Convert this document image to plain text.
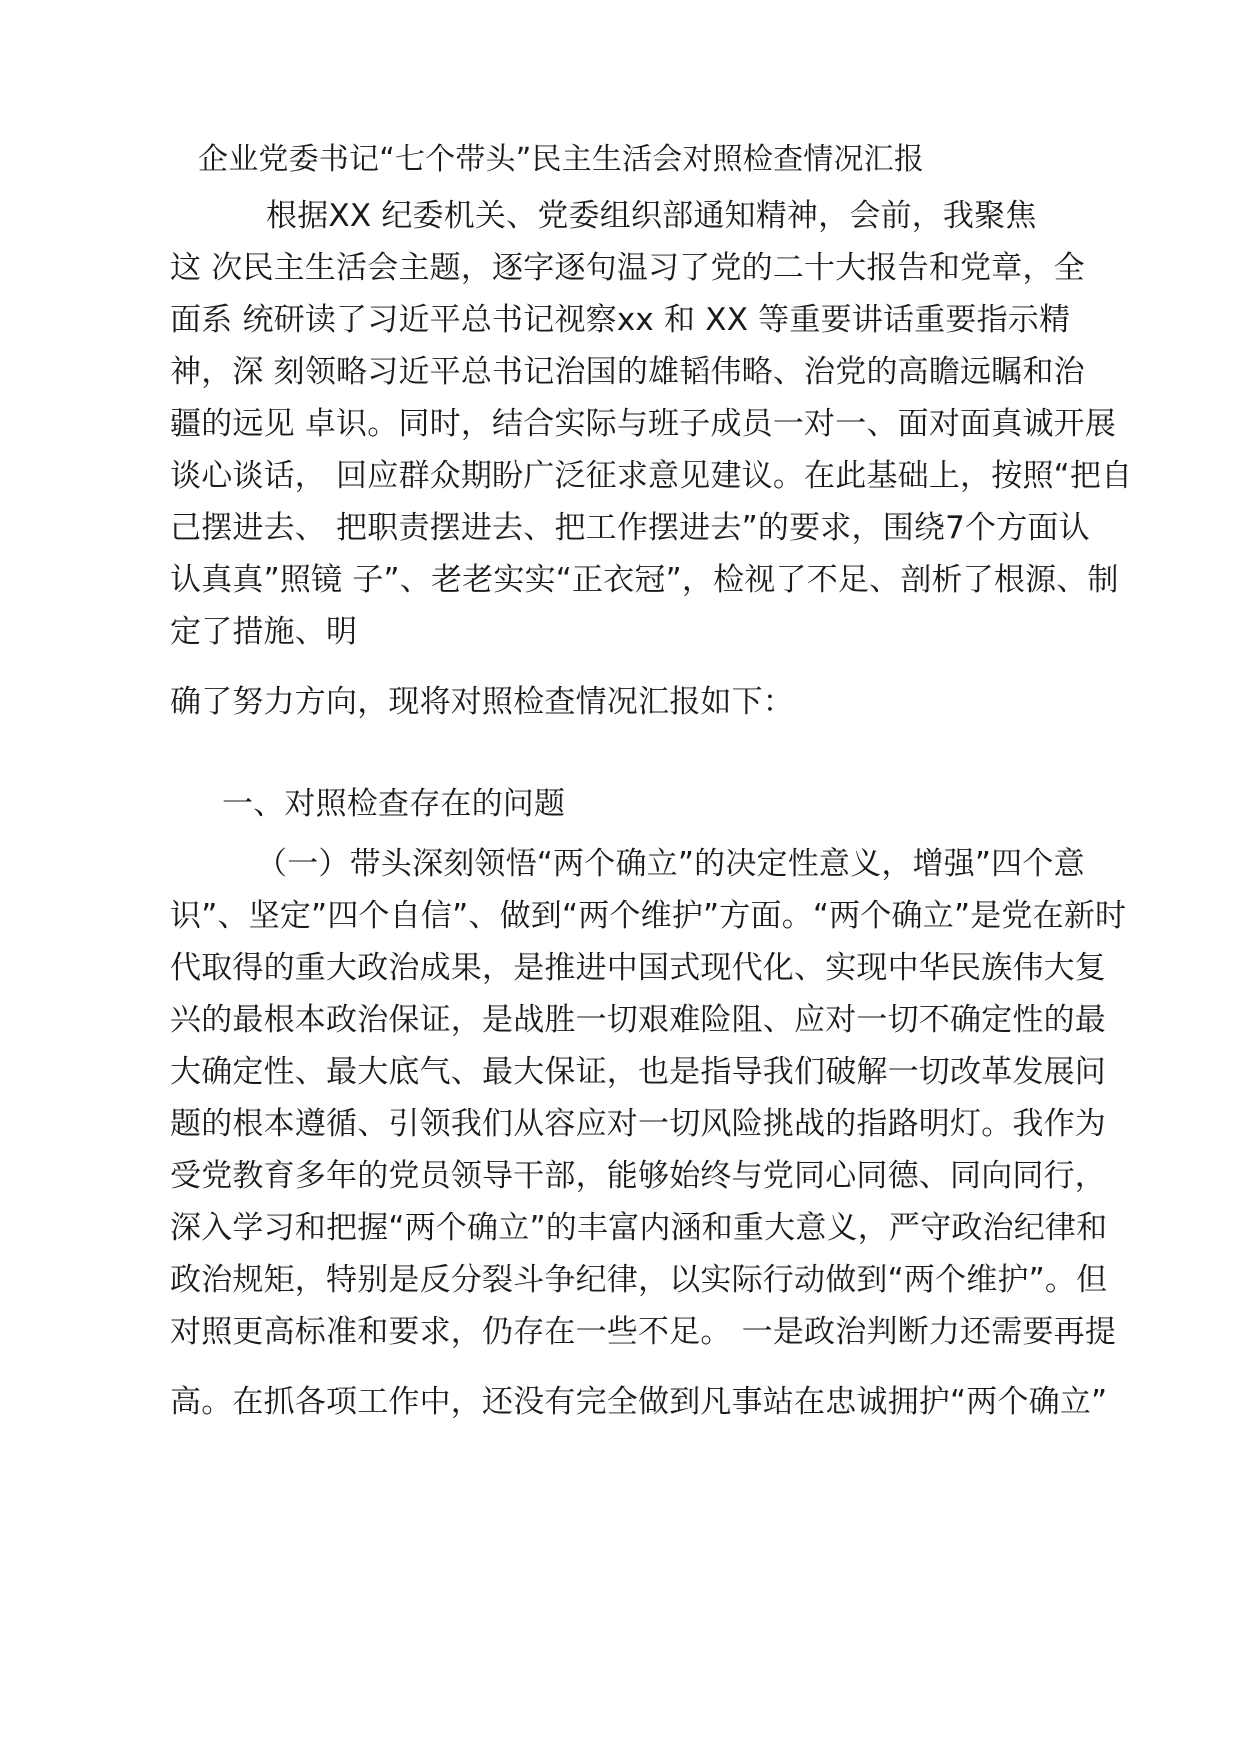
企业党委书记“七个带头”民主生活会对照检查情况汇报
根据XX 纪委机关、党委组织部通知精神，会前，我聚焦
这 次民主生活会主题，逐字逐句温习了党的二十大报告和党章，全
面系 统研读了习近平总书记视察xx 和 XX 等重要讲话重要指示精
神，深 刻领略习近平总书记治国的雄韬伟略、治党的高瞻远瞩和治
疆的远见 卓识。同时，结合实际与班子成员一对一、面对面真诚开展
谈心谈话， 回应群众期盼广泛征求意见建议。在此基础上，按照“把自
己摆进去、 把职责摆进去、把工作摆进去”的要求，围绕7个方面认
认真真”照镜 子”、老老实实“正衣冠”，检视了不足、剖析了根源、制
定了措施、明
确了努力方向，现将对照检查情况汇报如下：
一、对照检查存在的问题
（一）带头深刻领悟“两个确立”的决定性意义，增强”四个意
识”、坚定”四个自信”、做到“两个维护”方面。“两个确立”是党在新时
代取得的重大政治成果，是推进中国式现代化、实现中华民族伟大复
兴的最根本政治保证，是战胜一切艰难险阻、应对一切不确定性的最
大确定性、最大底气、最大保证，也是指导我们破解一切改革发展问
题的根本遵循、引领我们从容应对一切风险挑战的指路明灯。我作为
受党教育多年的党员领导干部，能够始终与党同心同德、同向同行，
深入学习和把握“两个确立”的丰富内涵和重大意义，严守政治纪律和
政治规矩，特别是反分裂斗争纪律，以实际行动做到“两个维护”。但
对照更高标准和要求，仍存在一些不足。 一是政治判断力还需要再提
高。在抓各项工作中，还没有完全做到凡事站在忠诚拥护“两个确立”
